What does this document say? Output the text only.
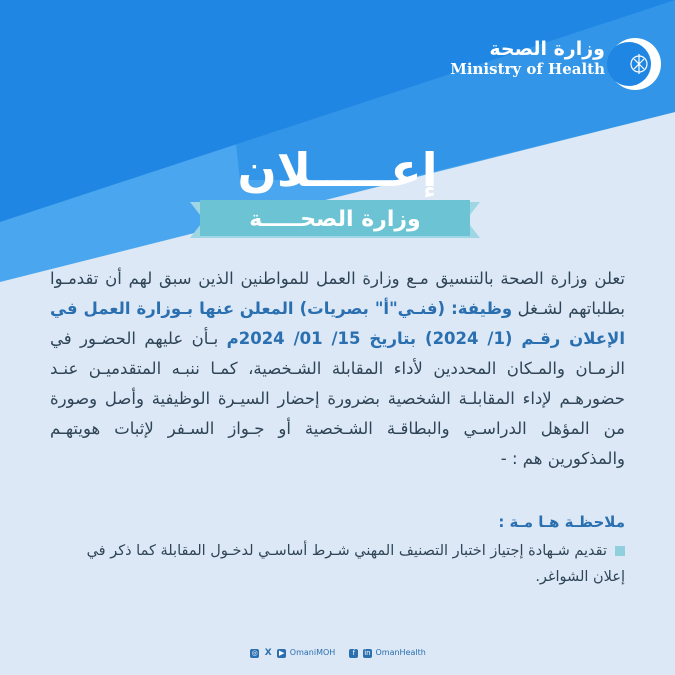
وزارة الصحة
Ministry of Health
إعـــــلان
وزارة الصحـــــة
تعلن وزارة الصحة بالتنسيق مـع وزارة العمل للمواطنين الذين سبق لهم أن تقدمـوا بطلباتهم لشـغل وظيفة: (فنـي"أ" بصريات) المعلن عنها بـوزارة العمل في الإعلان رقـم (1/ 2024) بتاريخ 15/ 01/ 2024م بـأن عليهم الحضـور في الزمـان والمـكان المحددين لأداء المقابلة الشـخصية، كمـا ننبـه المتقدميـن عنـد حضورهـم لإداء المقابلـة الشخصية بضرورة إحضار السيـرة الوظيفية وأصل وصورة من المؤهل الدراسـي والبطاقـة الشـخصية أو جـواز السـفر لإثبات هويتهـم والمذكورين هم : -
ملاحظـة هـا مـة :
تقديم شـهادة إجتياز اختبار التصنيف المهني شـرط أساسـي لدخـول المقابلة كما ذكر في إعلان الشواغر.
◎ X ▶ OmaniMOH f in OmanHealth
